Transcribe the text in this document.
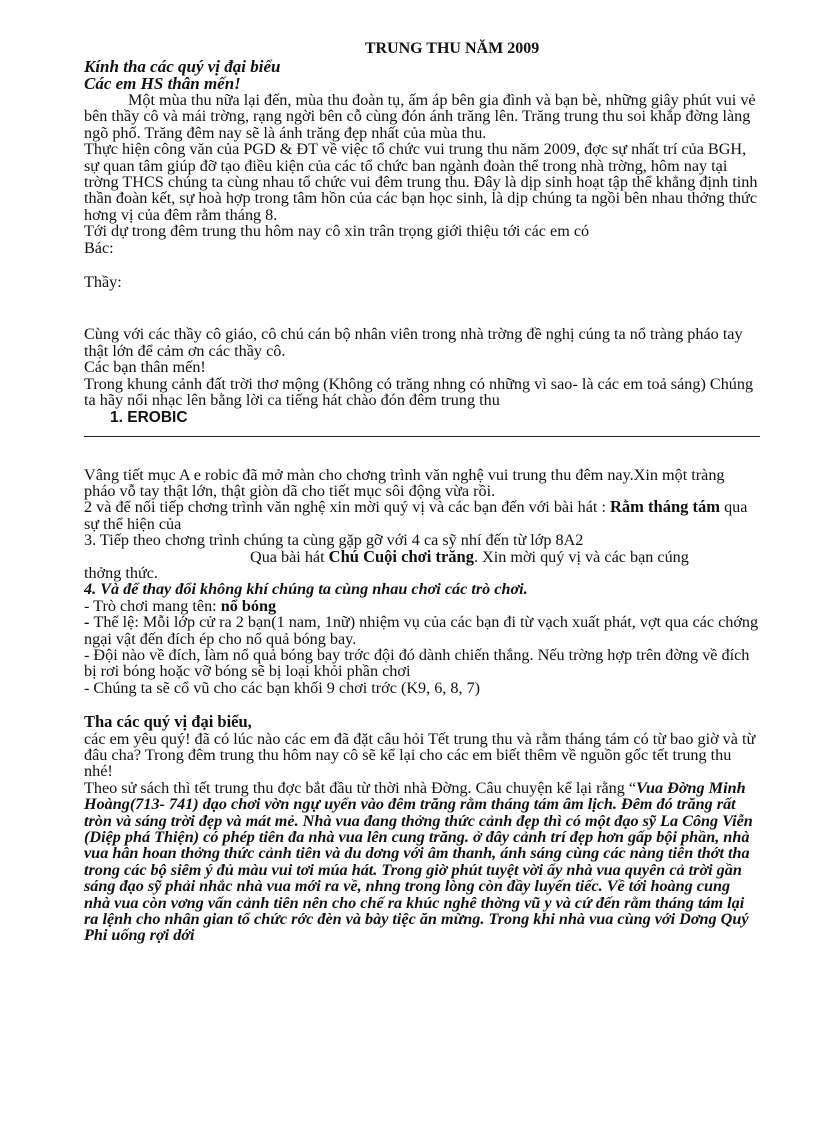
TRUNG THU NĂM 2009
Kính tha các quý vị đại biểu
Các em HS thân mến!

Một mùa thu nữa lại đến, mùa thu đoàn tụ, ấm áp bên gia đình và bạn bè, những giây phút vui vẻ bên thầy cô và mái trờng, rạng ngời bên cỗ cùng đón ánh trăng lên. Trăng trung thu soi khắp đờng làng ngõ phố. Trăng đêm nay sẽ là ánh trăng đẹp nhất của mùa thu.

Thực hiện công văn của PGD & ĐT về việc tổ chức vui trung thu năm 2009, đợc sự nhất trí của BGH, sự quan tâm giúp đỡ tạo điều kiện của các tổ chức ban ngành đoàn thể trong nhà trờng, hôm nay tại trờng THCS chúng ta cùng nhau tổ chức vui đêm trung thu. Đây là dịp sinh hoạt tập thể khẳng định tinh thần đoàn kết, sự hoà hợp trong tâm hồn của các bạn học sinh, là dịp chúng ta ngồi bên nhau thởng thức hơng vị của đêm rằm tháng 8.

Tới dự trong đêm trung thu hôm nay cô xin trân trọng giới thiệu tới các em có

Bác:

Thầy:

Cùng với các thầy cô giáo, cô chú cán bộ nhân viên trong nhà trờng đề nghị cúng ta nổ tràng pháo tay thật lớn để cảm ơn các thầy cô.

Các bạn thân mến!

Trong khung cảnh đất trời thơ mộng (Không có trăng nhng có những vì sao- là các em toả sáng) Chúng ta hãy nổi nhạc lên bằng lời ca tiếng hát chào đón đêm trung thu

1. EROBIC

Vâng tiết mục A e robic đã mở màn cho chơng trình văn nghệ vui trung thu đêm nay.Xin một tràng pháo vỗ tay thật lớn, thật giòn dã cho tiết mục sôi động vừa rồi.

2 và để nối tiếp chơng trình văn nghệ xin mời quý vị và các bạn đến với bài hát : Rằm tháng tám qua sự thể hiện của

3. Tiếp theo chơng trình chúng ta cùng gặp gỡ với 4 ca sỹ nhí đến từ lớp 8A2

Qua bài hát Chú Cuội chơi trăng. Xin mời quý vị và các bạn cúng

thởng thức.

4. Và để thay đổi không khí chúng ta cùng nhau chơi các trò chơi.

- Trò chơi mang tên: nổ bóng

- Thể lệ: Mỗi lớp cử ra 2 bạn(1 nam, 1nữ) nhiệm vụ của các bạn đi từ vạch xuất phát, vợt qua các chớng ngại vật đến đích ép cho nổ quả bóng bay.

- Đội nào về đích, làm nổ quả bóng bay trớc đội đó dành chiến thắng. Nếu trờng hợp trên đờng về đích bị rơi bóng hoặc vỡ bóng sẽ bị loại khỏi phần chơi

- Chúng ta sẽ cổ vũ cho các bạn khối 9 chơi trớc (K9, 6, 8, 7)

Tha các quý vị đại biểu,

các em yêu quý! đã có lúc nào các em đã đặt câu hỏi Tết trung thu và rằm tháng tám có từ bao giờ và từ đâu cha? Trong đêm trung thu hôm nay cô sẽ kể lại cho các em biết thêm về nguồn gốc tết trung thu nhé!

Theo sử sách thì tết trung thu đợc bắt đầu từ thời nhà Đờng. Câu chuyện kể lại rằng “Vua Đờng Minh Hoàng(713- 741) dạo chơi vờn ngự uyển vào đêm trăng rằm tháng tám âm lịch. Đêm đó trăng rất tròn và sáng trời đẹp và mát mẻ. Nhà vua đang thởng thức cảnh đẹp thì có một đạo sỹ La Công Viễn (Diệp phá Thiện) có phép tiên đa nhà vua lên cung trăng. ở đây cảnh trí đẹp hơn gấp bội phần, nhà vua hân hoan thởng thức cảnh tiên và du dơng với âm thanh, ánh sáng cùng các nàng tiên thớt tha trong các bộ siêm ý đủ màu vui tơi múa hát. Trong giờ phút tuyệt vời ấy nhà vua quyên cả trời gần sáng đạo sỹ phải nhắc nhà vua mới ra về, nhng trong lòng còn đầy luyến tiếc. Về tới hoàng cung nhà vua còn vơng vấn cảnh tiên nên cho chế ra khúc nghê thờng vũ y và cứ đến rằm tháng tám lại ra lệnh cho nhân gian tổ chức rớc đèn và bày tiệc ăn mừng. Trong khi nhà vua cùng với Dơng Quý Phi uống rợi dới
